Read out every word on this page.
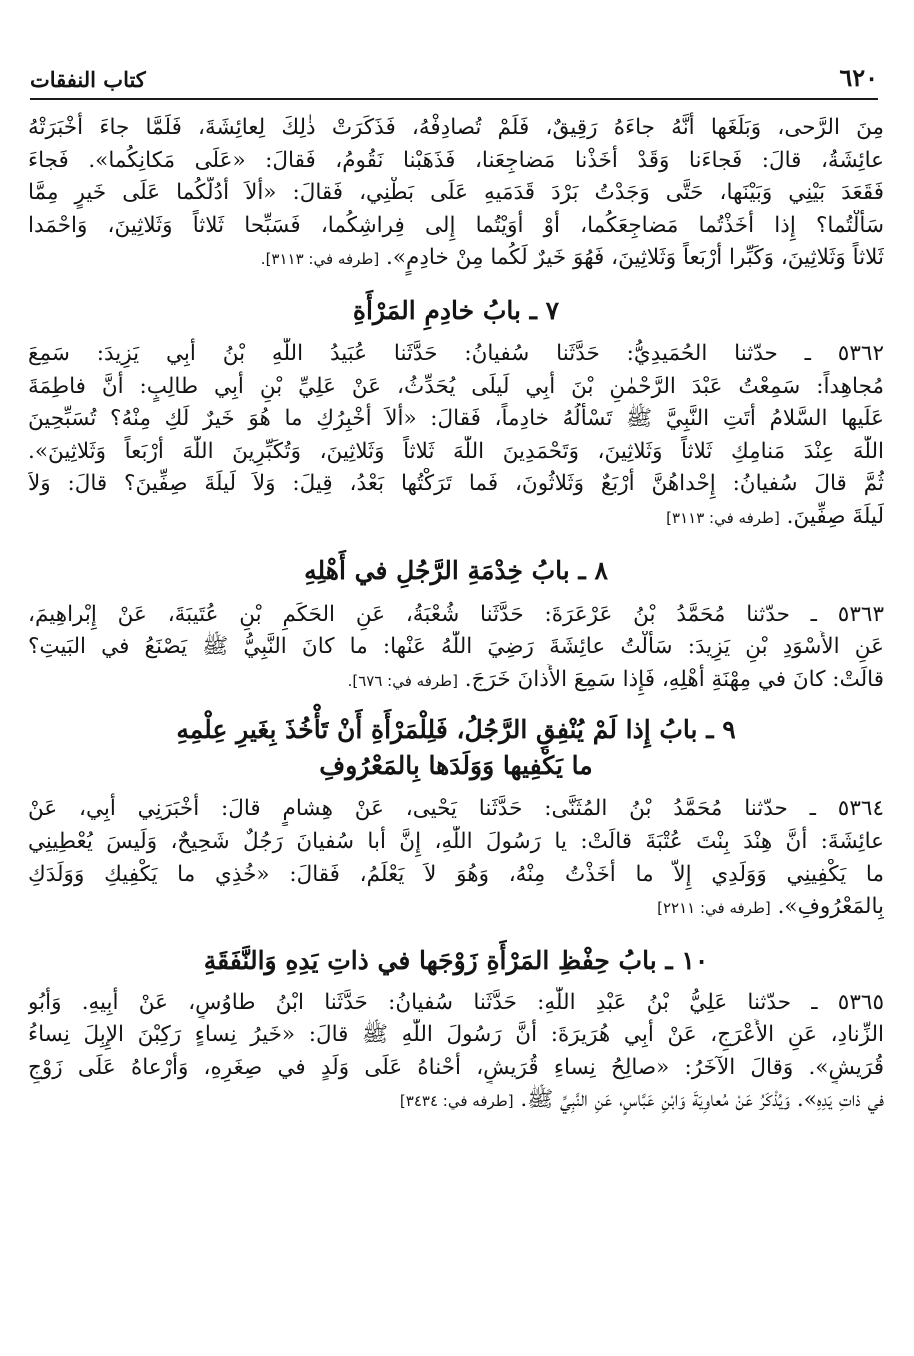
٦٢٠
كتاب النفقات

مِنَ الرَّحى، وَبَلَغَها أَنَّهُ جاءَهُ رَقِيقٌ، فَلَمْ تُصادِفْهُ، فَذَكَرَتْ ذٰلِكَ لِعائِشَةَ، فَلَمَّا جاءَ أَخْبَرَتْهُ

عائِشَةُ، قالَ: فَجاءَنا وَقَدْ أَخَذْنا مَضاجِعَنا، فَذَهَبْنا نَقُومُ، فَقالَ: «عَلَى مَكانِكُما». فَجاءَ

فَقَعَدَ بَيْنِي وَبَيْنَها، حَتَّى وَجَدْتُ بَرْدَ قَدَمَيهِ عَلَى بَطْنِي، فَقالَ: «أَلاَ أَدُلُّكُما عَلَى خَيرٍ مِمَّا

سَأَلْتُما؟ إِذا أَخَذْتُما مَضاجِعَكُما، أَوْ أَوَيْتُما إِلى فِراشِكُما، فَسَبِّحا ثَلاثاً وَثَلاثِينَ، وَاحْمَدا

ثَلاثاً وَثَلاثِينَ، وَكَبِّرا أَرْبَعاً وَثَلاثِينَ، فَهُوَ خَيرٌ لَكُما مِنْ خادِمٍ». [طرفه في: ٣١١٣].

٧ ـ بابُ خادِمِ المَرْأَةِ

٥٣٦٢ ـ حدّثنا الحُمَيدِيُّ: حَدَّثَنا سُفيانُ: حَدَّثَنا عُبَيدُ اللّٰهِ بْنُ أَبِي يَزِيدَ: سَمِعَ

مُجاهِداً: سَمِعْتُ عَبْدَ الرَّحْمٰنِ بْنَ أَبِي لَيلَى يُحَدِّثُ، عَنْ عَلِيِّ بْنِ أَبِي طالِبٍ: أَنَّ فاطِمَةَ

عَلَيها السَّلامُ أَتَتِ النَّبِيَّ ﷺ تَسْأَلُهُ خادِماً، فَقالَ: «أَلاَ أُخْبِرُكِ ما هُوَ خَيرٌ لَكِ مِنْهُ؟ تُسَبِّحِينَ

اللّٰهَ عِنْدَ مَنامِكِ ثَلاثاً وَثَلاثِينَ، وَتَحْمَدِينَ اللّٰهَ ثَلاثاً وَثَلاثِينَ، وَتُكَبِّرِينَ اللّٰهَ أَرْبَعاً وَثَلاثِينَ».

ثُمَّ قالَ سُفيانُ: إِحْداهُنَّ أَرْبَعٌ وَثَلاثُونَ، فَما تَرَكْتُها بَعْدُ، قِيلَ: وَلاَ لَيلَةَ صِفِّينَ؟ قالَ: وَلاَ

لَيلَةَ صِفِّينَ. [طرفه في: ٣١١٣]

٨ ـ بابُ خِدْمَةِ الرَّجُلِ في أَهْلِهِ

٥٣٦٣ ـ حدّثنا مُحَمَّدُ بْنُ عَرْعَرَةَ: حَدَّثَنا شُعْبَةُ، عَنِ الحَكَمِ بْنِ عُتَيبَةَ، عَنْ إِبْراهِيمَ،

عَنِ الأَسْوَدِ بْنِ يَزِيدَ: سَأَلْتُ عائِشَةَ رَضِيَ اللّٰهُ عَنْها: ما كانَ النَّبِيُّ ﷺ يَصْنَعُ في البَيتِ؟

قالَتْ: كانَ في مِهْنَةِ أَهْلِهِ، فَإِذا سَمِعَ الأَذانَ خَرَجَ. [طرفه في: ٦٧٦].

٩ ـ بابُ إِذا لَمْ يُنْفِقِ الرَّجُلُ، فَلِلْمَرْأَةِ أَنْ تَأْخُذَ بِغَيرِ عِلْمِهِ
ما يَكْفِيها وَوَلَدَها بِالمَعْرُوفِ

٥٣٦٤ ـ حدّثنا مُحَمَّدُ بْنُ المُثَنَّى: حَدَّثَنا يَحْيى، عَنْ هِشامٍ قالَ: أَخْبَرَنِي أَبِي، عَنْ

عائِشَةَ: أَنَّ هِنْدَ بِنْتَ عُتْبَةَ قالَتْ: يا رَسُولَ اللّٰهِ، إِنَّ أَبا سُفيانَ رَجُلٌ شَحِيحٌ، وَلَيسَ يُعْطِينِي

ما يَكْفِينِي وَوَلَدِي إِلاَّ ما أَخَذْتُ مِنْهُ، وَهُوَ لاَ يَعْلَمُ، فَقالَ: «خُذِي ما يَكْفِيكِ وَوَلَدَكِ

بِالمَعْرُوفِ». [طرفه في: ٢٢١١]

١٠ ـ بابُ حِفْظِ المَرْأَةِ زَوْجَها في ذاتِ يَدِهِ وَالنَّفَقَةِ

٥٣٦٥ ـ حدّثنا عَلِيُّ بْنُ عَبْدِ اللّٰهِ: حَدَّثَنا سُفيانُ: حَدَّثَنا ابْنُ طاوُسٍ، عَنْ أَبِيهِ. وَأَبُو

الزِّنادِ، عَنِ الأَعْرَجِ، عَنْ أَبِي هُرَيرَةَ: أَنَّ رَسُولَ اللّٰهِ ﷺ قالَ: «خَيرُ نِساءٍ رَكِبْنَ الإِبِلَ نِساءُ

قُرَيشٍ». وَقالَ الآخَرُ: «صالِحُ نِساءِ قُرَيشٍ، أَحْناهُ عَلَى وَلَدٍ في صِغَرِهِ، وَأَرْعاهُ عَلَى زَوْجٍ

في ذاتِ يَدِهِ». وَيُذْكَرُ عَنْ مُعاوِيَةَ وَابْنِ عَبَّاسٍ، عَنِ النَّبِيِّ ﷺ. [طرفه في: ٣٤٣٤]
